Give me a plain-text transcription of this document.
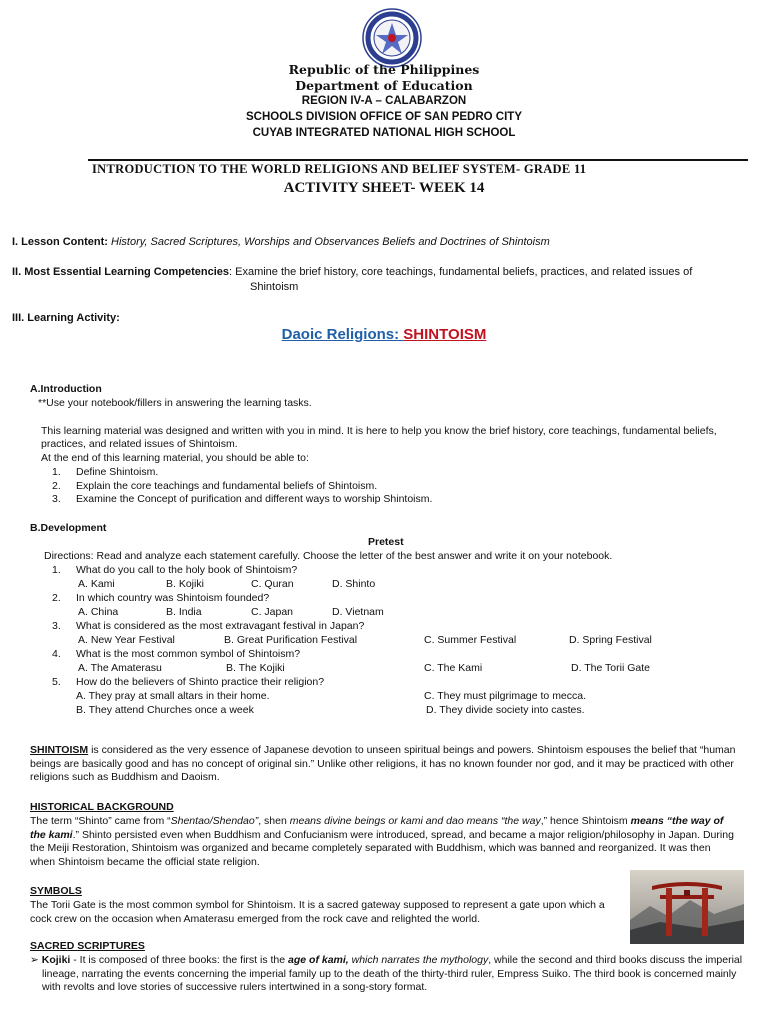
Republic of the Philippines
Department of Education
REGION IV-A – CALABARZON
SCHOOLS DIVISION OFFICE OF SAN PEDRO CITY
CUYAB INTEGRATED NATIONAL HIGH SCHOOL
INTRODUCTION TO THE WORLD RELIGIONS AND BELIEF SYSTEM- GRADE 11
ACTIVITY SHEET- WEEK 14
I. Lesson Content: History, Sacred Scriptures, Worships and Observances Beliefs and Doctrines of Shintoism
II. Most Essential Learning Competencies: Examine the brief history, core teachings, fundamental beliefs, practices, and related issues of
Shintoism
III. Learning Activity:
Daoic Religions: SHINTOISM
A.Introduction
**Use your notebook/fillers in answering the learning tasks.
This learning material was designed and written with you in mind. It is here to help you know the brief history, core teachings, fundamental beliefs,
practices, and related issues of Shintoism.
At the end of this learning material, you should be able to:
1. Define Shintoism.
2. Explain the core teachings and fundamental beliefs of Shintoism.
3. Examine the Concept of purification and different ways to worship Shintoism.
B.Development
Pretest
Directions: Read and analyze each statement carefully. Choose the letter of the best answer and write it on your notebook.
1. What do you call to the holy book of Shintoism?
A. Kami	B. Kojiki	C. Quran	D. Shinto
2. In which country was Shintoism founded?
A. China	B. India	C. Japan	D. Vietnam
3. What is considered as the most extravagant festival in Japan?
A. New Year Festival	B. Great Purification Festival	C. Summer Festival	D. Spring Festival
4. What is the most common symbol of Shintoism?
A. The Amaterasu	B. The Kojiki	C. The Kami	D. The Torii Gate
5. How do the believers of Shinto practice their religion?
A. They pray at small altars in their home.	C. They must pilgrimage to mecca.
B. They attend Churches once a week	D. They divide society into castes.
SHINTOISM is considered as the very essence of Japanese devotion to unseen spiritual beings and powers. Shintoism espouses the belief that “human
beings are basically good and has no concept of original sin.” Unlike other religions, it has no known founder nor god, and it may be practiced with other
religions such as Buddhism and Daoism.
HISTORICAL BACKGROUND
The term “Shinto” came from “Shentao/Shendao”, shen means divine beings or kami and dao means “the way,” hence Shintoism means “the way of
the kami.” Shinto persisted even when Buddhism and Confucianism were introduced, spread, and became a major religion/philosophy in Japan. During
the Meiji Restoration, Shintoism was organized and became completely separated with Buddhism, which was banned and reorganized. It was then
when Shintoism became the official state religion.
SYMBOLS
The Torii Gate is the most common symbol for Shintoism. It is a sacred gateway supposed to represent a gate upon which a
cock crew on the occasion when Amaterasu emerged from the rock cave and relighted the world.
SACRED SCRIPTURES
➢ Kojiki - It is composed of three books: the first is the age of kami, which narrates the mythology, while the second and third books discuss the imperial
lineage, narrating the events concerning the imperial family up to the death of the thirty-third ruler, Empress Suiko. The third book is concerned mainly
with revolts and love stories of successive rulers intertwined in a song-story format.
